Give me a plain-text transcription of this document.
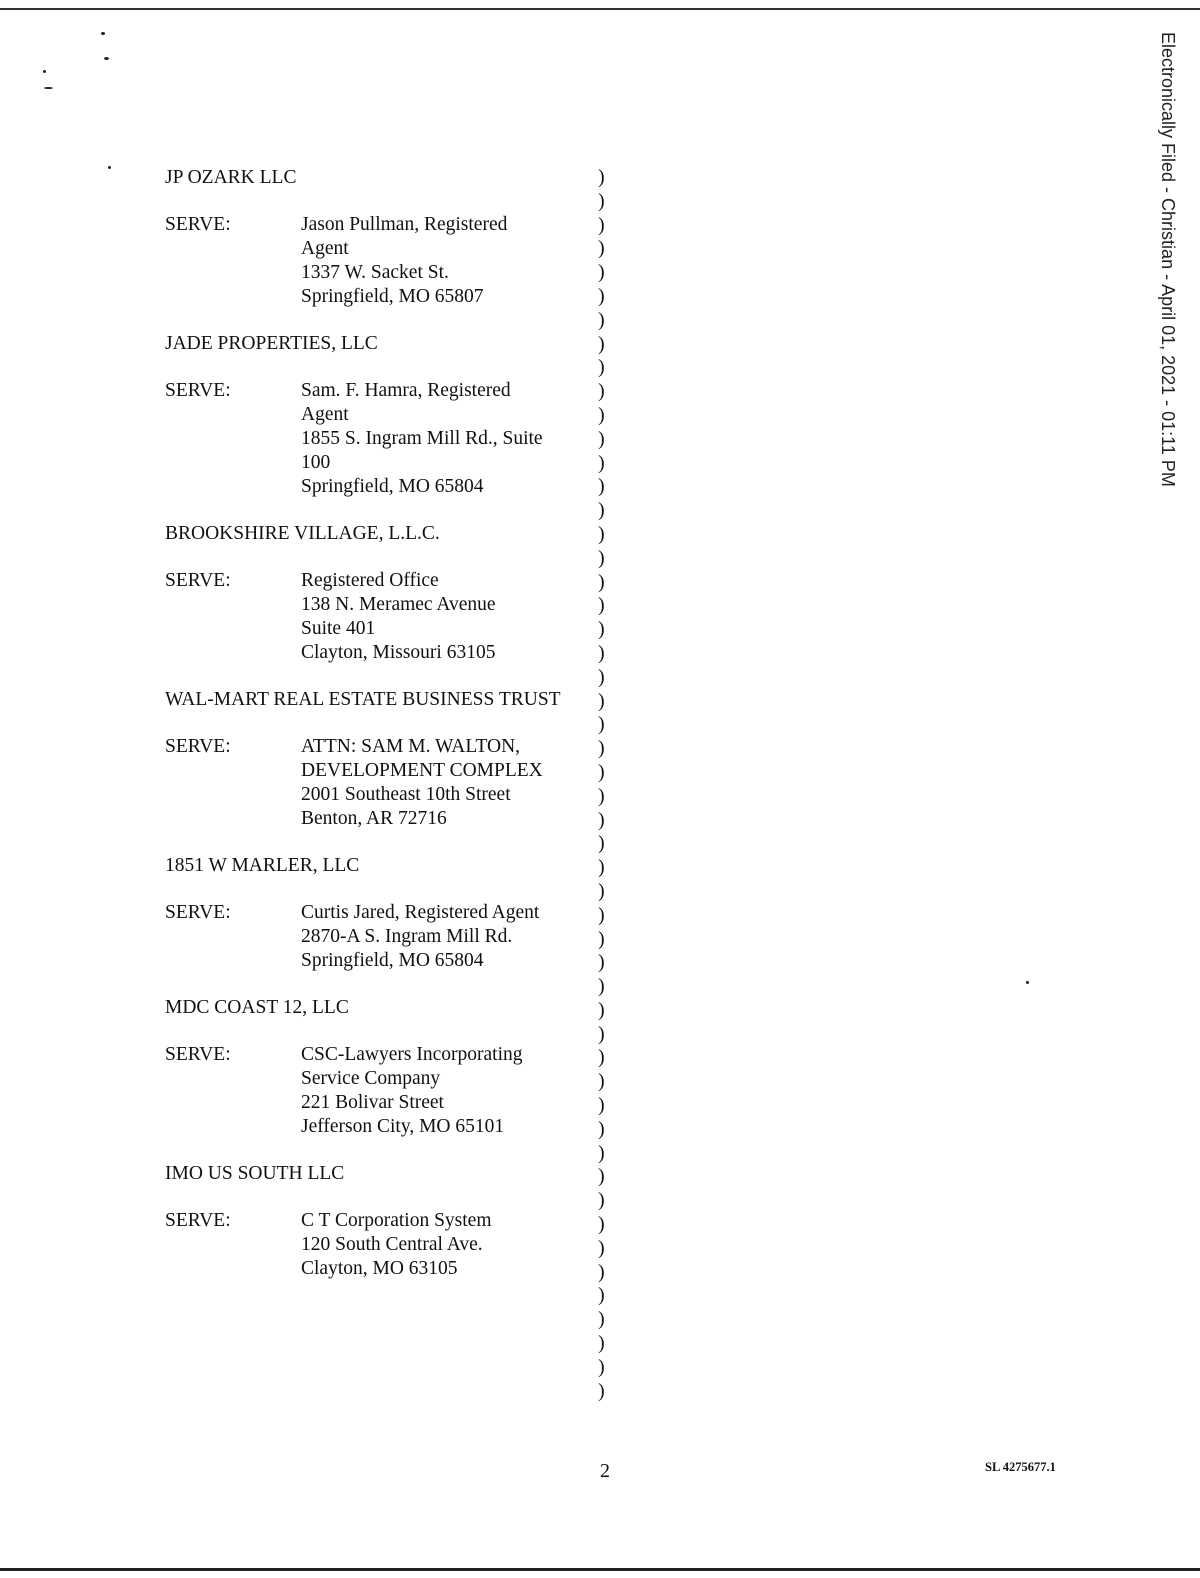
Electronically Filed - Christian - April 01, 2021 - 01:11 PM
JP OZARK LLC
SERVE:	Jason Pullman, Registered
Agent
1337 W. Sacket St.
Springfield, MO 65807
JADE PROPERTIES, LLC
SERVE:	Sam. F. Hamra, Registered
Agent
1855 S. Ingram Mill Rd., Suite
100
Springfield, MO 65804
BROOKSHIRE VILLAGE, L.L.C.
SERVE:	Registered Office
138 N. Meramec Avenue
Suite 401
Clayton, Missouri 63105
WAL-MART REAL ESTATE BUSINESS TRUST
SERVE:	ATTN: SAM M. WALTON,
DEVELOPMENT COMPLEX
2001 Southeast 10th Street
Benton, AR 72716
1851 W MARLER, LLC
SERVE:	Curtis Jared, Registered Agent
2870-A S. Ingram Mill Rd.
Springfield, MO 65804
MDC COAST 12, LLC
SERVE:	CSC-Lawyers Incorporating
Service Company
221 Bolivar Street
Jefferson City, MO 65101
IMO US SOUTH LLC
SERVE:	C T Corporation System
120 South Central Ave.
Clayton, MO 63105
)
)
)
)
)
)
)
)
)
)
)
)
)
)
)
)
)
)
)
)
)
)
)
)
)
)
)
)
)
)
)
)
)
)
)
)
)
)
)
)
)
)
)
)
)
)
)
)
)
)
)
)
2	SL 4275677.1
